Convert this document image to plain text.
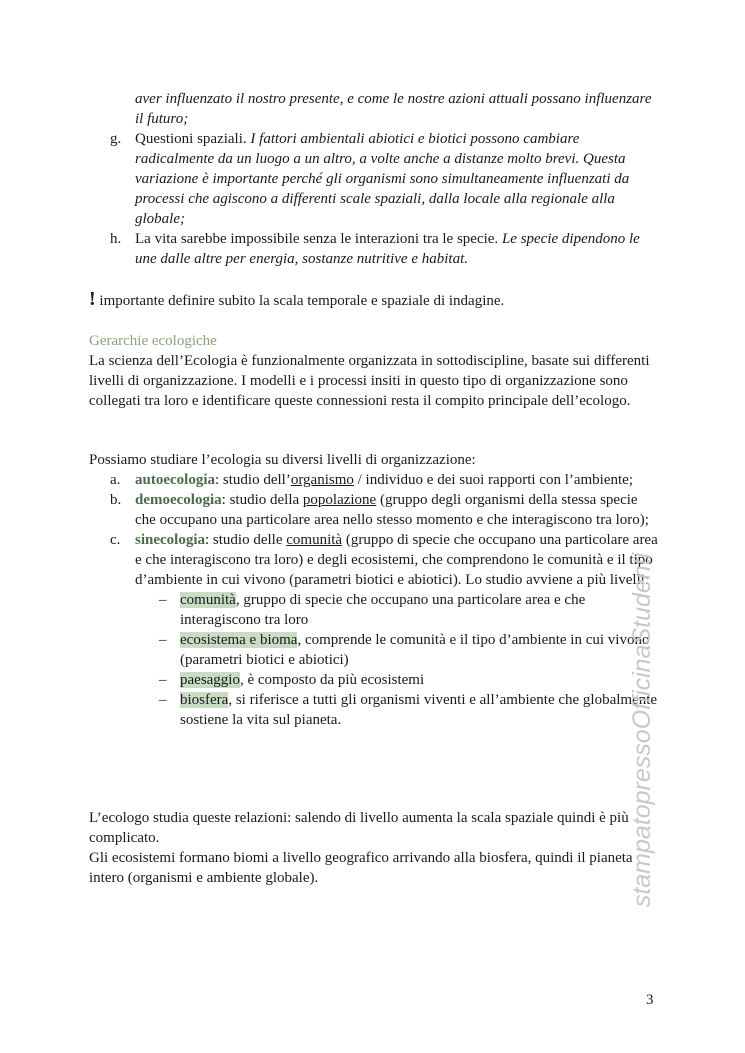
aver influenzato il nostro presente, e come le nostre azioni attuali possano influenzare il futuro;
g. Questioni spaziali. I fattori ambientali abiotici e biotici possono cambiare radicalmente da un luogo a un altro, a volte anche a distanze molto brevi. Questa variazione è importante perché gli organismi sono simultaneamente influenzati da processi che agiscono a differenti scale spaziali, dalla locale alla regionale alla globale;
h. La vita sarebbe impossibile senza le interazioni tra le specie. Le specie dipendono le une dalle altre per energia, sostanze nutritive e habitat.
! importante definire subito la scala temporale e spaziale di indagine.
Gerarchie ecologiche
La scienza dell’Ecologia è funzionalmente organizzata in sottodiscipline, basate sui differenti livelli di organizzazione. I modelli e i processi insiti in questo tipo di organizzazione sono collegati tra loro e identificare queste connessioni resta il compito principale dell’ecologo.
Possiamo studiare l’ecologia su diversi livelli di organizzazione:
a. autoecologia: studio dell’organismo / individuo e dei suoi rapporti con l’ambiente;
b. demoecologia: studio della popolazione (gruppo degli organismi della stessa specie che occupano una particolare area nello stesso momento e che interagiscono tra loro);
c. sinecologia: studio delle comunità (gruppo di specie che occupano una particolare area e che interagiscono tra loro) e degli ecosistemi, che comprendono le comunità e il tipo d’ambiente in cui vivono (parametri biotici e abiotici). Lo studio avviene a più livelli:
– comunità, gruppo di specie che occupano una particolare area e che interagiscono tra loro
– ecosistema e bioma, comprende le comunità e il tipo d’ambiente in cui vivono (parametri biotici e abiotici)
– paesaggio, è composto da più ecosistemi
– biosfera, si riferisce a tutti gli organismi viventi e all’ambiente che globalmente sostiene la vita sul pianeta.
L’ecologo studia queste relazioni: salendo di livello aumenta la scala spaziale quindi è più complicato.
Gli ecosistemi formano biomi a livello geografico arrivando alla biosfera, quindi il pianeta intero (organismi e ambiente globale).	stampatopressoOfficinaStudenti
3
